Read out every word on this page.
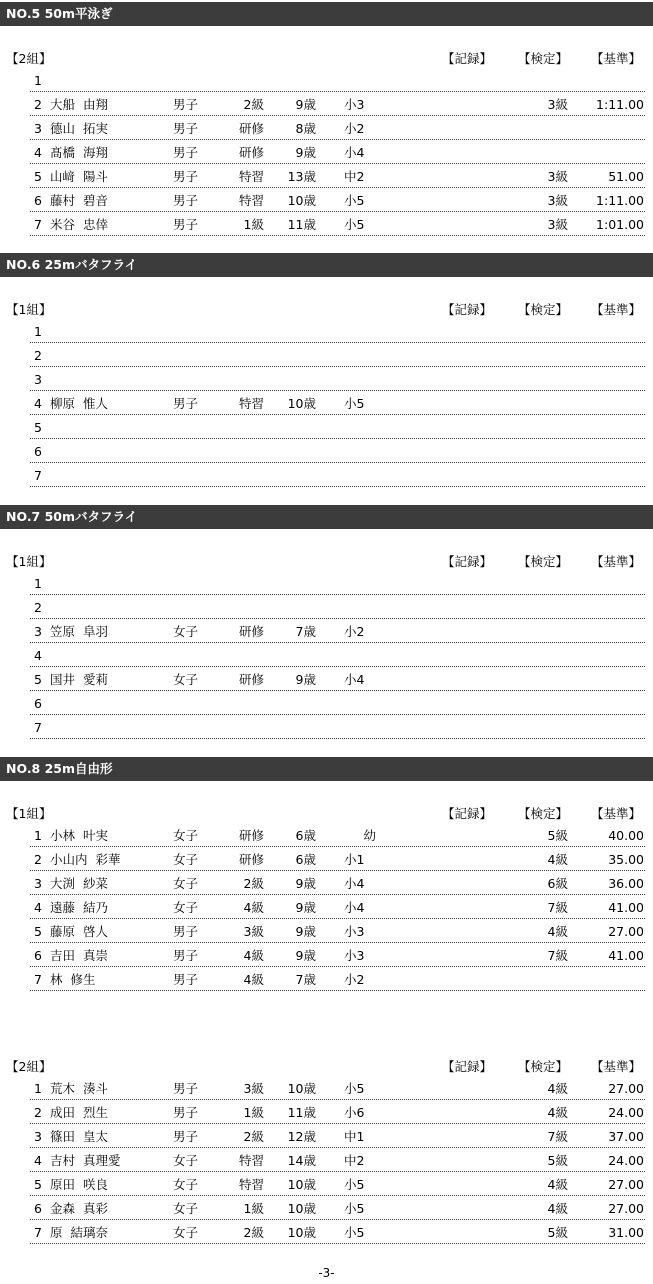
NO.5 50m平泳ぎ
【2組】	【記録】 【検定】 【基準】
1
2 大船  由翔	男子	2級	9歳 小3	3級	1:11.00
3 德山  拓実	男子	研修	8歳 小2
4 髙橋  海翔	男子	研修	9歳 小4
5 山﨑  陽斗	男子	特習	13歳 中2	3級	51.00
6 藤村  碧音	男子	特習	10歳 小5	3級	1:11.00
7 米谷  忠倖	男子	1級	11歳 小5	3級	1:01.00
NO.6 25mバタフライ
【1組】	【記録】 【検定】 【基準】
1
2
3
4 柳原  惟人	男子	特習	10歳 小5
5
6
7
NO.7 50mバタフライ
【1組】	【記録】 【検定】 【基準】
1
2
3 笠原  阜羽	女子	研修	7歳 小2
4
5 国井  愛莉	女子	研修	9歳 小4
6
7
NO.8 25m自由形
【1組】	【記録】 【検定】 【基準】
1 小林  叶実	女子	研修	6歳	幼	5級	40.00
2 小山内  彩華	女子	研修	6歳 小1	4級	35.00
3 大渕  紗菜	女子	2級	9歳 小4	6級	36.00
4 遠藤  結乃	女子	4級	9歳 小4	7級	41.00
5 藤原  啓人	男子	3級	9歳 小3	4級	27.00
6 吉田  真崇	男子	4級	9歳 小3	7級	41.00
7 林  修生	男子	4級	7歳 小2
【2組】	【記録】 【検定】 【基準】
1 荒木  湊斗	男子	3級	10歳 小5	4級	27.00
2 成田  烈生	男子	1級	11歳 小6	4級	24.00
3 篠田  皇太	男子	2級	12歳 中1	7級	37.00
4 吉村  真理愛	女子	特習	14歳 中2	5級	24.00
5 原田  咲良	女子	特習	10歳 小5	4級	27.00
6 金森  真彩	女子	1級	10歳 小5	4級	27.00
7 原  結璃奈	女子	2級	10歳 小5	5級	31.00
-3-
